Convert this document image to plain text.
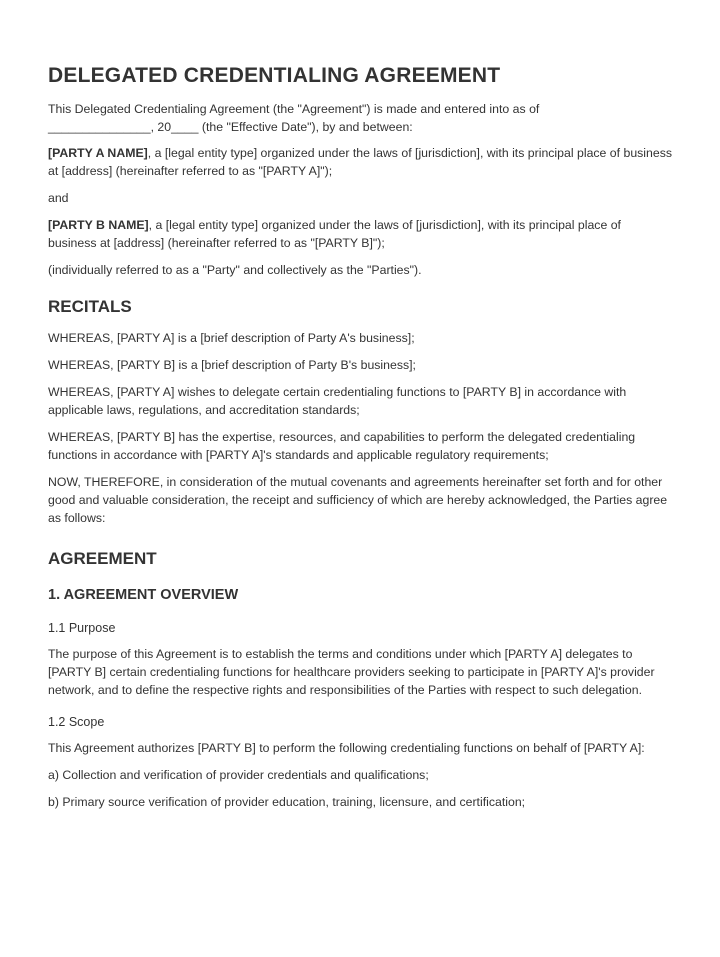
DELEGATED CREDENTIALING AGREEMENT

This Delegated Credentialing Agreement (the "Agreement") is made and entered into as of
_______________, 20____ (the "Effective Date"), by and between:

[PARTY A NAME], a [legal entity type] organized under the laws of [jurisdiction], with its principal place of business at [address] (hereinafter referred to as "[PARTY A]");

and

[PARTY B NAME], a [legal entity type] organized under the laws of [jurisdiction], with its principal place of business at [address] (hereinafter referred to as "[PARTY B]");

(individually referred to as a "Party" and collectively as the "Parties").

RECITALS

WHEREAS, [PARTY A] is a [brief description of Party A's business];

WHEREAS, [PARTY B] is a [brief description of Party B's business];

WHEREAS, [PARTY A] wishes to delegate certain credentialing functions to [PARTY B] in accordance with applicable laws, regulations, and accreditation standards;

WHEREAS, [PARTY B] has the expertise, resources, and capabilities to perform the delegated credentialing functions in accordance with [PARTY A]'s standards and applicable regulatory requirements;

NOW, THEREFORE, in consideration of the mutual covenants and agreements hereinafter set forth and for other good and valuable consideration, the receipt and sufficiency of which are hereby acknowledged, the Parties agree as follows:

AGREEMENT
1. AGREEMENT OVERVIEW
1.1 Purpose

The purpose of this Agreement is to establish the terms and conditions under which [PARTY A] delegates to [PARTY B] certain credentialing functions for healthcare providers seeking to participate in [PARTY A]'s provider network, and to define the respective rights and responsibilities of the Parties with respect to such delegation.

1.2 Scope

This Agreement authorizes [PARTY B] to perform the following credentialing functions on behalf of [PARTY A]:

a) Collection and verification of provider credentials and qualifications;

b) Primary source verification of provider education, training, licensure, and certification;
